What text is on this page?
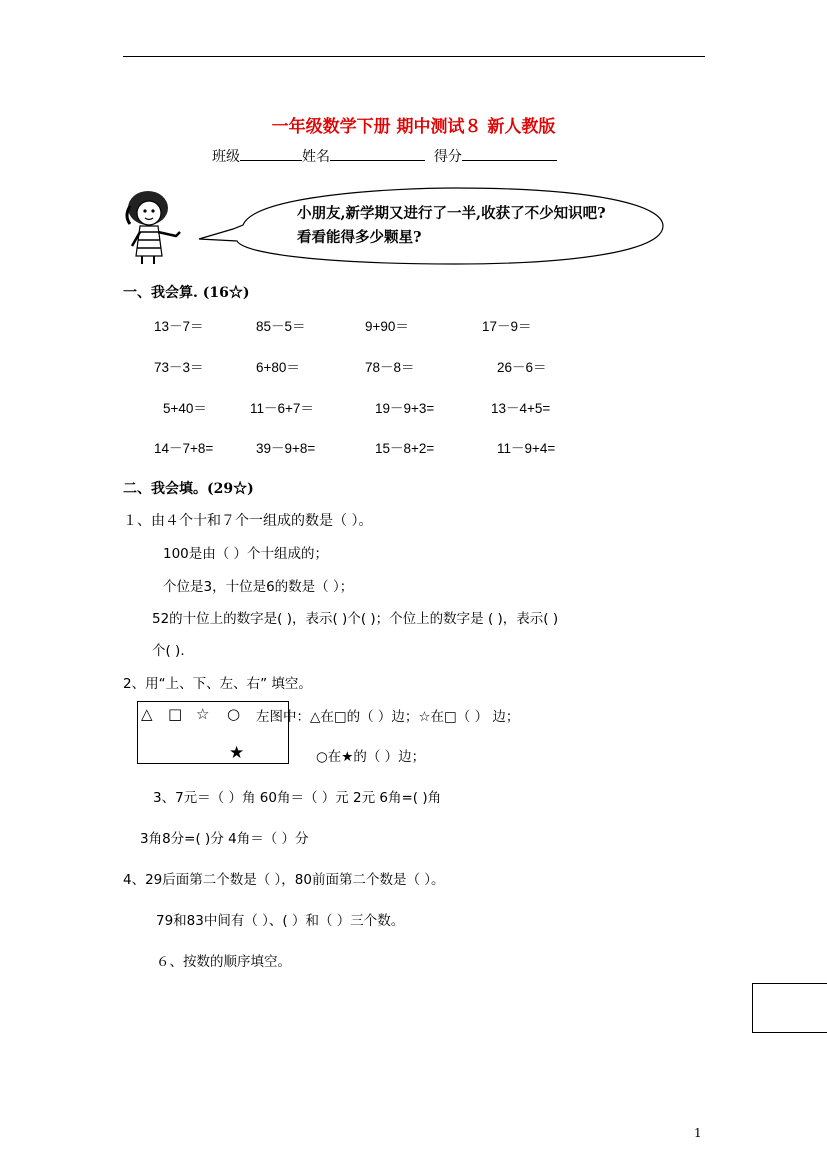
一年级数学下册 期中测试８ 新人教版
班级	姓名	得分
小朋友,新学期又进行了一半,收获了不少知识吧?看看能得多少颗星?
一、我会算. (16☆)
13－7＝	85－5＝	9+90＝	17－9＝
73－3＝	6+80＝	78－8＝	26－6＝
5+40＝	11－6+7＝	19－9+3=	13－4+5=
14－7+8=	39－9+8=	15－8+2=	11－9+4=
二、我会填。(29☆)
１、由４个十和７个一组成的数是（ ）。
100是由（ ）个十组成的；
个位是3，十位是6的数是（ ）；
52的十位上的数字是( )，表示( )个( )；个位上的数字是 ( )，表示( )
个( ).
2、用“上、下、左、右” 填空。
△ □ ☆ ○
★
左图中：△在□的（ ）边；☆在□（ ） 边；
○在★的（ ）边；
3、7元＝（ ）角 60角＝（ ）元 2元 6角=( )角
3角8分=( )分 4角＝（ ）分
4、29后面第二个数是（ ），80前面第二个数是（ ）。
79和83中间有（ ）、( ）和（ ）三个数。
６、按数的顺序填空。
1
